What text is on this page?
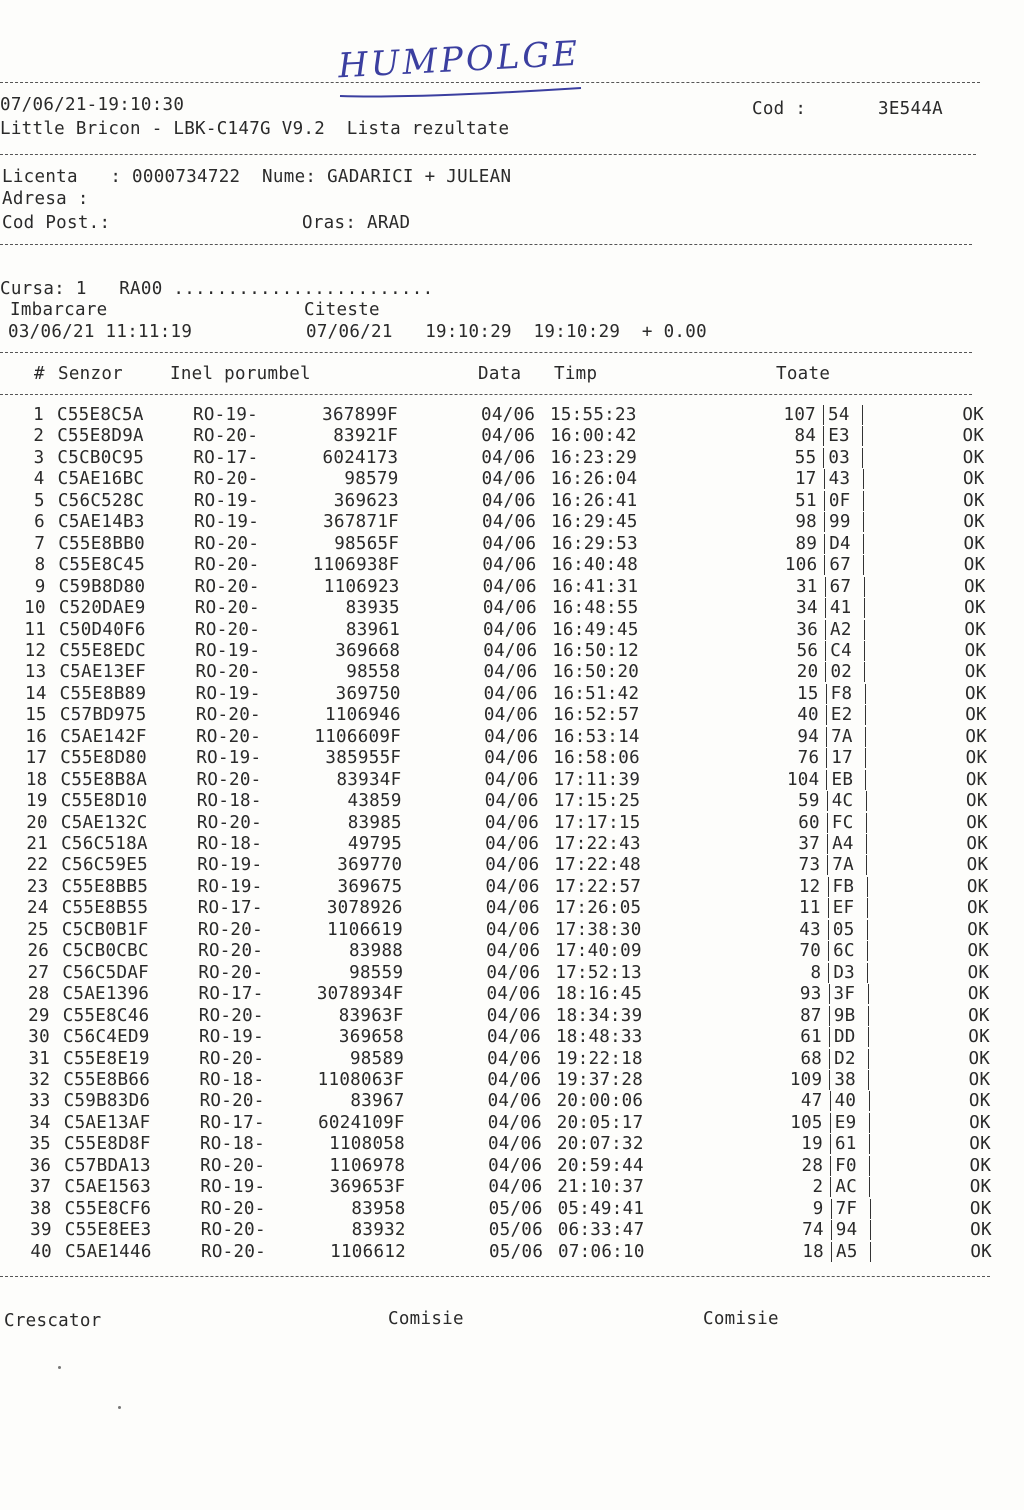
HUMPOLGE
07/06/21-19:10:30	Cod :	3E544A
Little Bricon - LBK-C147G V9.2  Lista rezultate
Licenta   : 0000734722  Nume: GADARICI + JULEAN
Adresa :
Cod Post.:	Oras: ARAD
Cursa: 1   RA00 ........................
Imbarcare	Citeste
03/06/21 11:11:19	07/06/21   19:10:29  19:10:29  + 0.00
# Senzor	Inel porumbel	Data Timp	Toate
1 C55E8C5A	RO-19-	367899F	04/06 15:55:23	107 54	OK
2 C55E8D9A	RO-20-	83921F	04/06 16:00:42	84 E3	OK
3 C5CB0C95	RO-17-	6024173	04/06 16:23:29	55 03	OK
4 C5AE16BC	RO-20-	98579	04/06 16:26:04	17 43	OK
5 C56C528C	RO-19-	369623	04/06 16:26:41	51 0F	OK
6 C5AE14B3	RO-19-	367871F	04/06 16:29:45	98 99	OK
7 C55E8BB0	RO-20-	98565F	04/06 16:29:53	89 D4	OK
8 C55E8C45	RO-20-	1106938F	04/06 16:40:48	106 67	OK
9 C59B8D80	RO-20-	1106923	04/06 16:41:31	31 67	OK
10 C520DAE9	RO-20-	83935	04/06 16:48:55	34 41	OK
11 C50D40F6	RO-20-	83961	04/06 16:49:45	36 A2	OK
12 C55E8EDC	RO-19-	369668	04/06 16:50:12	56 C4	OK
13 C5AE13EF	RO-20-	98558	04/06 16:50:20	20 02	OK
14 C55E8B89	RO-19-	369750	04/06 16:51:42	15 F8	OK
15 C57BD975	RO-20-	1106946	04/06 16:52:57	40 E2	OK
16 C5AE142F	RO-20-	1106609F	04/06 16:53:14	94 7A	OK
17 C55E8D80	RO-19-	385955F	04/06 16:58:06	76 17	OK
18 C55E8B8A	RO-20-	83934F	04/06 17:11:39	104 EB	OK
19 C55E8D10	RO-18-	43859	04/06 17:15:25	59 4C	OK
20 C5AE132C	RO-20-	83985	04/06 17:17:15	60 FC	OK
21 C56C518A	RO-18-	49795	04/06 17:22:43	37 A4	OK
22 C56C59E5	RO-19-	369770	04/06 17:22:48	73 7A	OK
23 C55E8BB5	RO-19-	369675	04/06 17:22:57	12 FB	OK
24 C55E8B55	RO-17-	3078926	04/06 17:26:05	11 EF	OK
25 C5CB0B1F	RO-20-	1106619	04/06 17:38:30	43 05	OK
26 C5CB0CBC	RO-20-	83988	04/06 17:40:09	70 6C	OK
27 C56C5DAF	RO-20-	98559	04/06 17:52:13	8 D3	OK
28 C5AE1396	RO-17-	3078934F	04/06 18:16:45	93 3F	OK
29 C55E8C46	RO-20-	83963F	04/06 18:34:39	87 9B	OK
30 C56C4ED9	RO-19-	369658	04/06 18:48:33	61 DD	OK
31 C55E8E19	RO-20-	98589	04/06 19:22:18	68 D2	OK
32 C55E8B66	RO-18-	1108063F	04/06 19:37:28	109 38	OK
33 C59B83D6	RO-20-	83967	04/06 20:00:06	47 40	OK
34 C5AE13AF	RO-17-	6024109F	04/06 20:05:17	105 E9	OK
35 C55E8D8F	RO-18-	1108058	04/06 20:07:32	19 61	OK
36 C57BDA13	RO-20-	1106978	04/06 20:59:44	28 F0	OK
37 C5AE1563	RO-19-	369653F	04/06 21:10:37	2 AC	OK
38 C55E8CF6	RO-20-	83958	05/06 05:49:41	9 7F	OK
39 C55E8EE3	RO-20-	83932	05/06 06:33:47	74 94	OK
40 C5AE1446	RO-20-	1106612	05/06 07:06:10	18 A5	OK
Crescator	Comisie	Comisie
